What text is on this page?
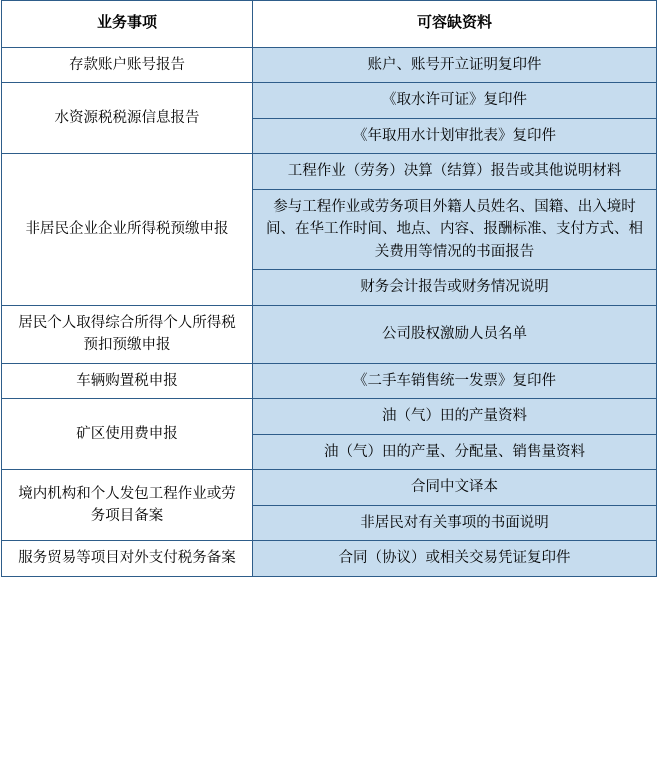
业务事项	可容缺资料
存款账户账号报告	账户、账号开立证明复印件
水资源税税源信息报告	《取水许可证》复印件
	《年取用水计划审批表》复印件
非居民企业企业所得税预缴申报	工程作业（劳务）决算（结算）报告或其他说明材料
	参与工程作业或劳务项目外籍人员姓名、国籍、出入境时间、在华工作时间、地点、内容、报酬标准、支付方式、相关费用等情况的书面报告
	财务会计报告或财务情况说明
居民个人取得综合所得个人所得税预扣预缴申报	公司股权激励人员名单
车辆购置税申报	《二手车销售统一发票》复印件
矿区使用费申报	油（气）田的产量资料
	油（气）田的产量、分配量、销售量资料
境内机构和个人发包工程作业或劳务项目备案	合同中文译本
	非居民对有关事项的书面说明
服务贸易等项目对外支付税务备案	合同（协议）或相关交易凭证复印件
